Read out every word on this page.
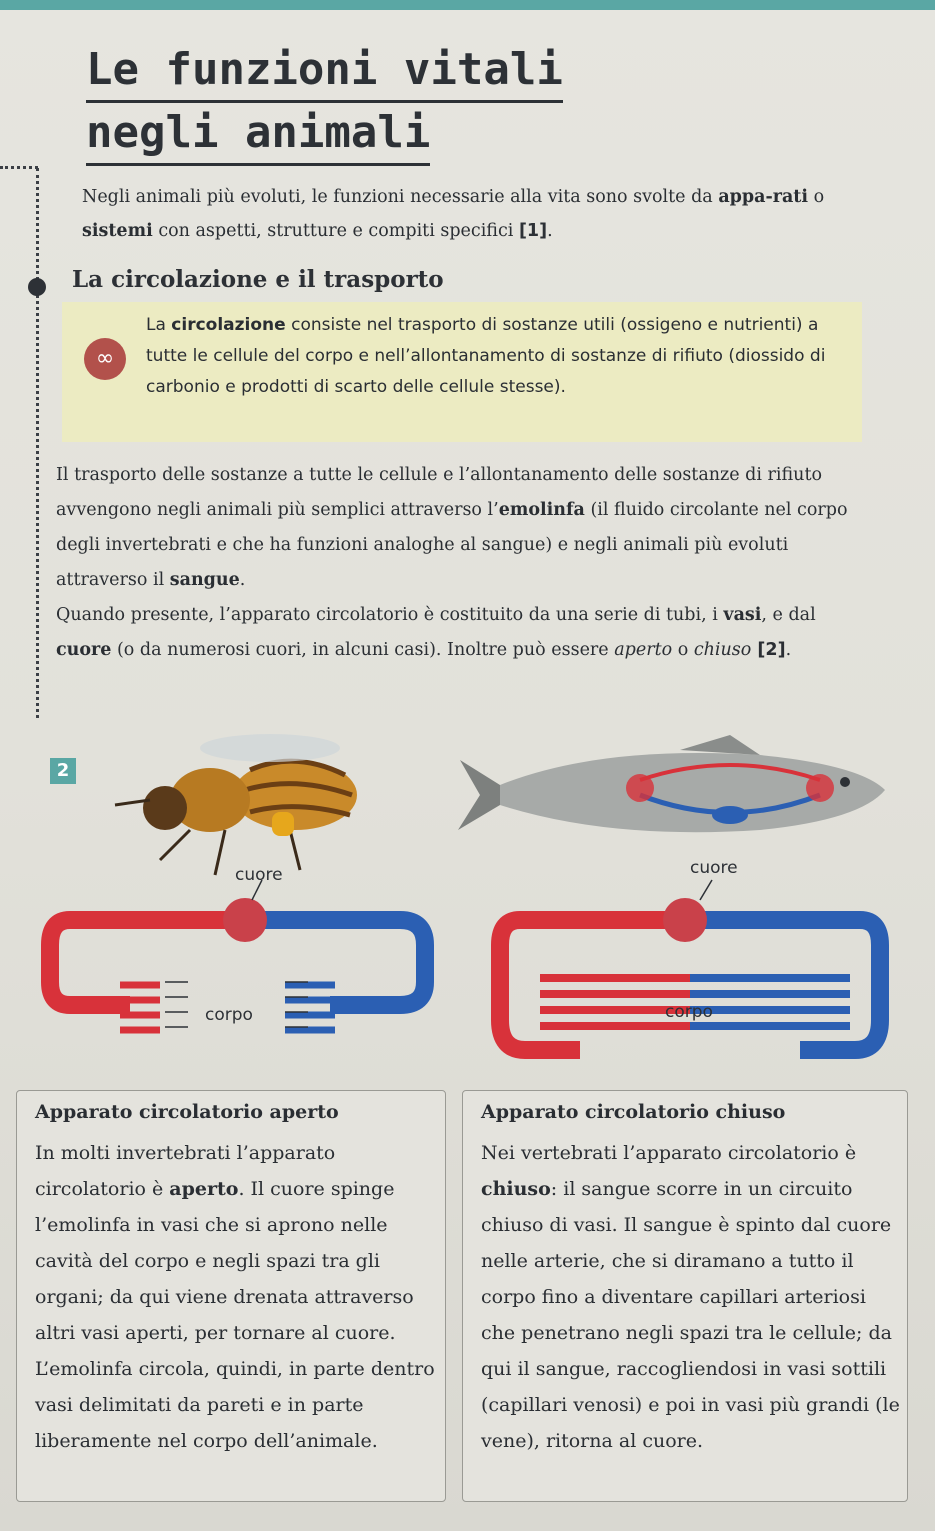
Le funzioni vitali
negli animali
Negli animali più evoluti, le funzioni necessarie alla vita sono svolte da appa-rati o sistemi con aspetti, strutture e compiti specifici [1].
La circolazione e il trasporto
∞

La circolazione consiste nel trasporto di sostanze utili (ossigeno e nutrienti) a tutte le cellule del corpo e nell’allontanamento di sostanze di rifiuto (diossido di carbonio e prodotti di scarto delle cellule stesse).

Il trasporto delle sostanze a tutte le cellule e l’allontanamento delle sostanze di rifiuto avvengono negli animali più semplici attraverso l’emolinfa (il fluido circolante nel corpo degli invertebrati e che ha funzioni analoghe al sangue) e negli animali più evoluti attraverso il sangue.
Quando presente, l’apparato circolatorio è costituito da una serie di tubi, i vasi, e dal cuore (o da numerosi cuori, in alcuni casi). Inoltre può essere aperto o chiuso [2].
2
cuore
corpo
cuore
corpo
Apparato circolatorio aperto

In molti invertebrati l’apparato circolatorio è aperto. Il cuore spinge l’emolinfa in vasi che si aprono nelle cavità del corpo e negli spazi tra gli organi; da qui viene drenata attraverso altri vasi aperti, per tornare al cuore. L’emolinfa circola, quindi, in parte dentro vasi delimitati da pareti e in parte liberamente nel corpo dell’animale.

Apparato circolatorio chiuso

Nei vertebrati l’apparato circolatorio è chiuso: il sangue scorre in un circuito chiuso di vasi. Il sangue è spinto dal cuore nelle arterie, che si diramano a tutto il corpo fino a diventare capillari arteriosi che penetrano negli spazi tra le cellule; da qui il sangue, raccogliendosi in vasi sottili (capillari venosi) e poi in vasi più grandi (le vene), ritorna al cuore.
